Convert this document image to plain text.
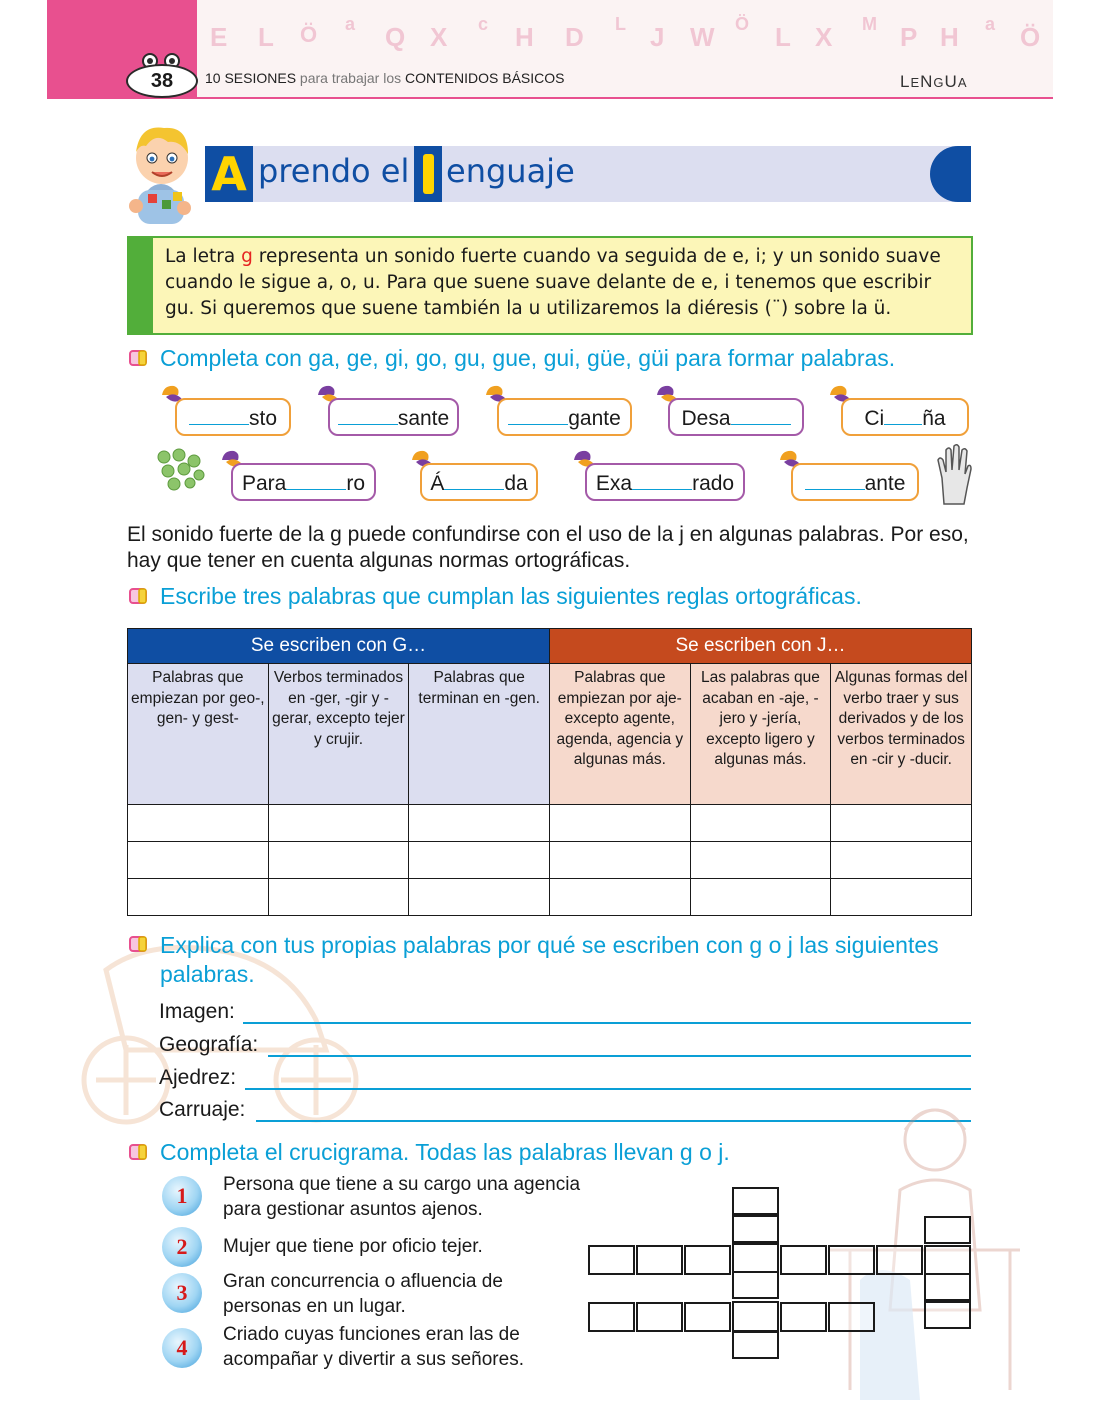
E L Ö a Q X c H D L J W Ö L X M P H a Ö
38	10 SESIONES para trabajar los CONTENIDOS BÁSICOS	LENGUA
A prendo el enguaje
La letra g representa un sonido fuerte cuando va seguida de e, i; y un sonido suave cuando le sigue a, o, u. Para que suene suave delante de e, i tenemos que escribir gu. Si queremos que suene también la u utilizaremos la diéresis (¨) sobre la ü.
Completa con ga, ge, gi, go, gu, gue, gui, güe, güi para formar palabras.
sto	sante	gante	Desa	Ci ña
Para	ro	Á	da	Exa	rado	ante
El sonido fuerte de la g puede confundirse con el uso de la j en algunas palabras. Por eso, hay que tener en cuenta algunas normas ortográficas.
Escribe tres palabras que cumplan las siguientes reglas ortográficas.
Se escriben con G…			Se escriben con J…		
Palabras que empiezan por geo-, gen- y gest-	Verbos terminados en -ger, -gir y -gerar, excepto tejer y crujir.	Palabras que terminan en -gen.	Palabras que empiezan por aje- excepto agente, agenda, agencia y algunas más.	Las palabras que acaban en -aje, -jero y -jería, excepto ligero y algunas más.	Algunas formas del verbo traer y sus derivados y de los verbos terminados en -cir y -ducir.

Explica con tus propias palabras por qué se escriben con g o j las siguientes palabras.
Imagen:
Geografía:
Ajedrez:
Carruaje:
Completa el crucigrama. Todas las palabras llevan g o j.
1	Persona que tiene a su cargo una agencia para gestionar asuntos ajenos.
2	Mujer que tiene por oficio tejer.
3	Gran concurrencia o afluencia de personas en un lugar.
4
Criado cuyas funciones eran las de acompañar y divertir a sus señores.
